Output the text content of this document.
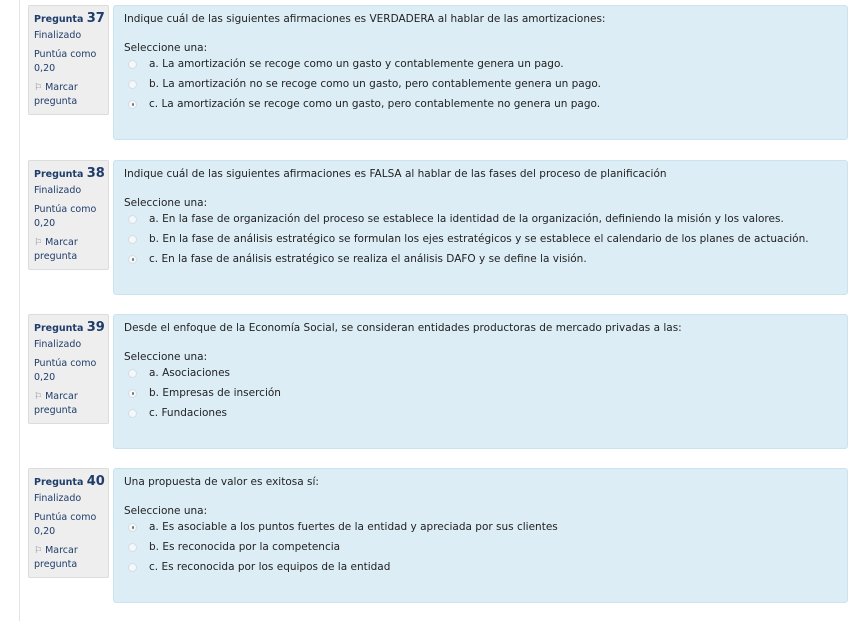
Pregunta 37
Finalizado
Puntúa como
0,20
⚐ Marcar pregunta
Indique cuál de las siguientes afirmaciones es VERDADERA al hablar de las amortizaciones:
Seleccione una:
a. La amortización se recoge como un gasto y contablemente genera un pago.
b. La amortización no se recoge como un gasto, pero contablemente genera un pago.
c. La amortización se recoge como un gasto, pero contablemente no genera un pago.
Pregunta 38
Finalizado
Puntúa como
0,20
⚐ Marcar pregunta
Indique cuál de las siguientes afirmaciones es FALSA al hablar de las fases del proceso de planificación
Seleccione una:
a. En la fase de organización del proceso se establece la identidad de la organización, definiendo la misión y los valores.
b. En la fase de análisis estratégico se formulan los ejes estratégicos y se establece el calendario de los planes de actuación.
c. En la fase de análisis estratégico se realiza el análisis DAFO y se define la visión.
Pregunta 39
Finalizado
Puntúa como
0,20
⚐ Marcar pregunta
Desde el enfoque de la Economía Social, se consideran entidades productoras de mercado privadas a las:
Seleccione una:
a. Asociaciones
b. Empresas de inserción
c. Fundaciones
Pregunta 40
Finalizado
Puntúa como
0,20
⚐ Marcar pregunta
Una propuesta de valor es exitosa sí:
Seleccione una:
a. Es asociable a los puntos fuertes de la entidad y apreciada por sus clientes
b. Es reconocida por la competencia
c. Es reconocida por los equipos de la entidad
